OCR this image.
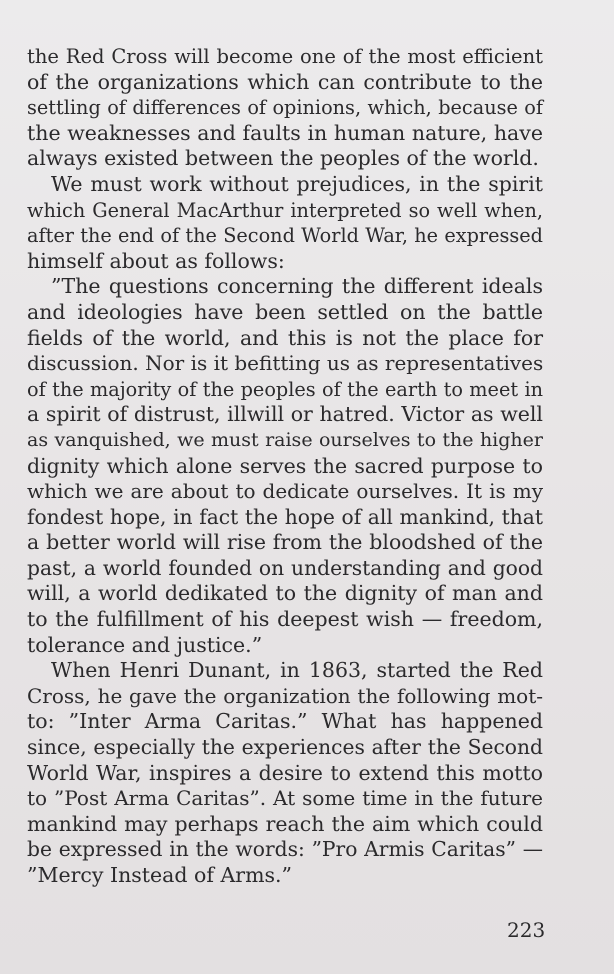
the Red Cross will become one of the most efficient
of the organizations which can contribute to the
settling of differences of opinions, which, because of
the weaknesses and faults in human nature, have
always existed between the peoples of the world.
We must work without prejudices, in the spirit
which General MacArthur interpreted so well when,
after the end of the Second World War, he expressed
himself about as follows:
”The questions concerning the different ideals
and ideologies have been settled on the battle
fields of the world, and this is not the place for
discussion. Nor is it befitting us as representatives
of the majority of the peoples of the earth to meet in
a spirit of distrust, illwill or hatred. Victor as well
as vanquished, we must raise ourselves to the higher
dignity which alone serves the sacred purpose to
which we are about to dedicate ourselves. It is my
fondest hope, in fact the hope of all mankind, that
a better world will rise from the bloodshed of the
past, a world founded on understanding and good
will, a world dedikated to the dignity of man and
to the fulfillment of his deepest wish — freedom,
tolerance and justice.”
When Henri Dunant, in 1863, started the Red
Cross, he gave the organization the following mot-
to: ”Inter Arma Caritas.” What has happened
since, especially the experiences after the Second
World War, inspires a desire to extend this motto
to ”Post Arma Caritas”. At some time in the future
mankind may perhaps reach the aim which could
be expressed in the words: ”Pro Armis Caritas” —
”Mercy Instead of Arms.”
223
